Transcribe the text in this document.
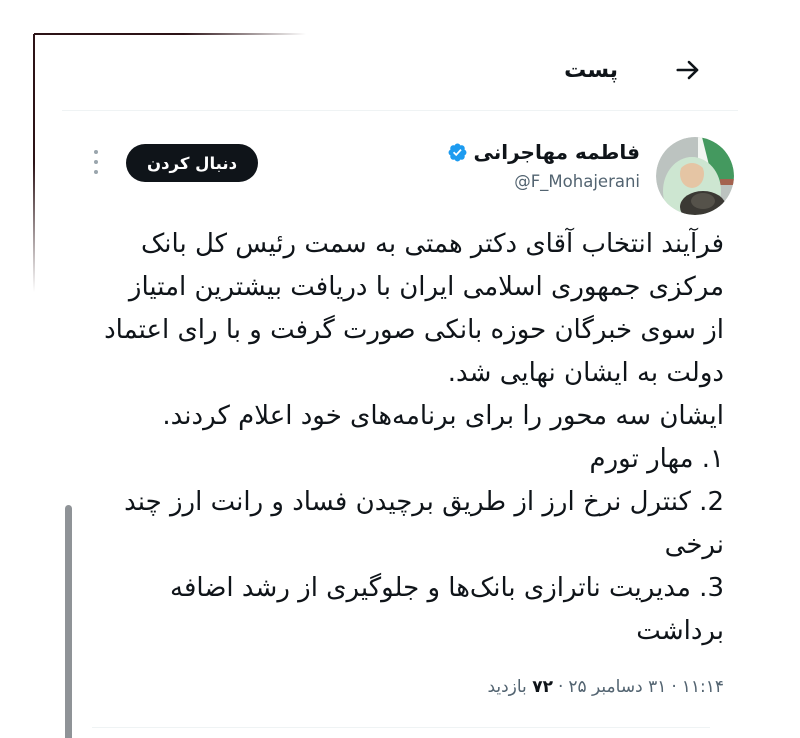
پست
فاطمه مهاجرانی
@F_Mohajerani
دنبال کردن
فرآیند انتخاب آقای دکتر همتی به سمت رئیس کل بانک
مرکزی جمهوری اسلامی ایران با دریافت بیشترین امتیاز
از سوی خبرگان حوزه بانکی صورت گرفت و با رای اعتماد
دولت به ایشان نهایی شد.
ایشان سه محور را برای برنامه‌های خود اعلام کردند.
۱. مهار تورم
2. کنترل نرخ ارز از طریق برچیدن فساد و رانت ارز چند
نرخی
3. مدیریت ناترازی بانک‌ها و جلوگیری از رشد اضافه
برداشت
۱۱:۱۴·۳۱ دسامبر ۲۵·۷۲ بازدید
